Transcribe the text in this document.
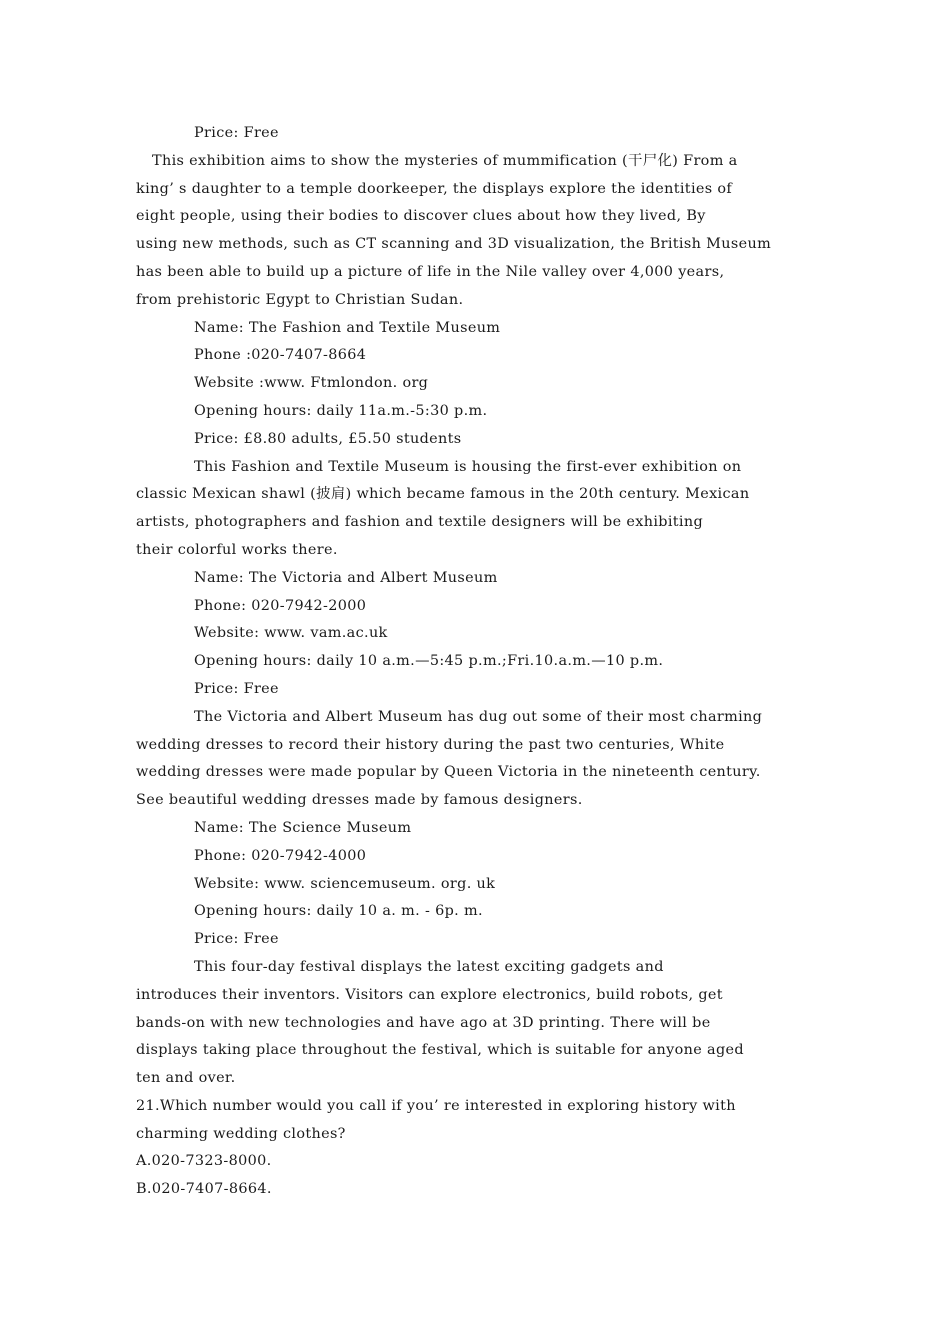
Price: Free
This exhibition aims to show the mysteries of mummification (干尸化) From a
king’ s daughter to a temple doorkeeper, the displays explore the identities of
eight people, using their bodies to discover clues about how they lived, By
using new methods, such as CT scanning and 3D visualization, the British Museum
has been able to build up a picture of life in the Nile valley over 4,000 years,
from prehistoric Egypt to Christian Sudan.
Name: The Fashion and Textile Museum
Phone :020-7407-8664
Website :www. Ftmlondon. org
Opening hours: daily 11a.m.-5:30 p.m.
Price: £8.80 adults, £5.50 students
This Fashion and Textile Museum is housing the first-ever exhibition on
classic Mexican shawl (披肩) which became famous in the 20th century. Mexican
artists, photographers and fashion and textile designers will be exhibiting
their colorful works there.
Name: The Victoria and Albert Museum
Phone: 020-7942-2000
Website: www. vam.ac.uk
Opening hours: daily 10 a.m.—5:45 p.m.;Fri.10.a.m.—10 p.m.
Price: Free
The Victoria and Albert Museum has dug out some of their most charming
wedding dresses to record their history during the past two centuries, White
wedding dresses were made popular by Queen Victoria in the nineteenth century.
See beautiful wedding dresses made by famous designers.
Name: The Science Museum
Phone: 020-7942-4000
Website: www. sciencemuseum. org. uk
Opening hours: daily 10 a. m. - 6p. m.
Price: Free
This four-day festival displays the latest exciting gadgets and
introduces their inventors. Visitors can explore electronics, build robots, get
bands-on with new technologies and have ago at 3D printing. There will be
displays taking place throughout the festival, which is suitable for anyone aged
ten and over.
21.Which number would you call if you’ re interested in exploring history with
charming wedding clothes?
A.020-7323-8000.
B.020-7407-8664.
